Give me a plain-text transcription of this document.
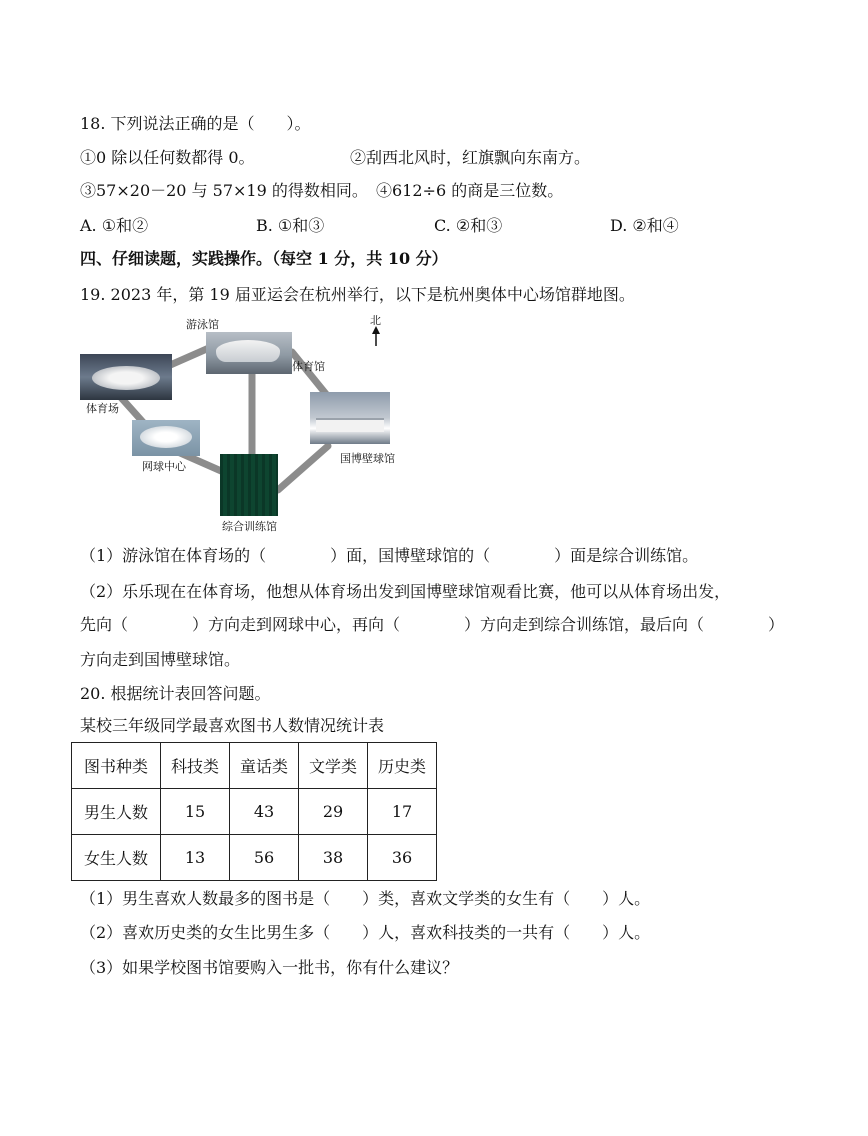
18. 下列说法正确的是（　　）。
①0 除以任何数都得 0。	②刮西北风时，红旗飘向东南方。
③57×20－20 与 57×19 的得数相同。 ④612÷6 的商是三位数。
A. ①和②	B. ①和③	C. ②和③	D. ②和④
四、仔细读题，实践操作。（每空 1 分，共 10 分）
19. 2023 年，第 19 届亚运会在杭州举行，以下是杭州奥体中心场馆群地图。
游泳馆
体育馆
体育场
网球中心
综合训练馆
国博壁球馆
北
（1）游泳馆在体育场的（　　　　）面，国博壁球馆的（　　　　）面是综合训练馆。
（2）乐乐现在在体育场，他想从体育场出发到国博壁球馆观看比赛，他可以从体育场出发，
先向（　　　　）方向走到网球中心，再向（　　　　）方向走到综合训练馆，最后向（　　　　）
方向走到国博壁球馆。
20. 根据统计表回答问题。
某校三年级同学最喜欢图书人数情况统计表
图书种类	科技类	童话类	文学类	历史类
男生人数	15	43	29	17
女生人数	13	56	38	36
（1）男生喜欢人数最多的图书是（　　）类，喜欢文学类的女生有（　　）人。
（2）喜欢历史类的女生比男生多（　　）人，喜欢科技类的一共有（　　）人。
（3）如果学校图书馆要购入一批书，你有什么建议？
